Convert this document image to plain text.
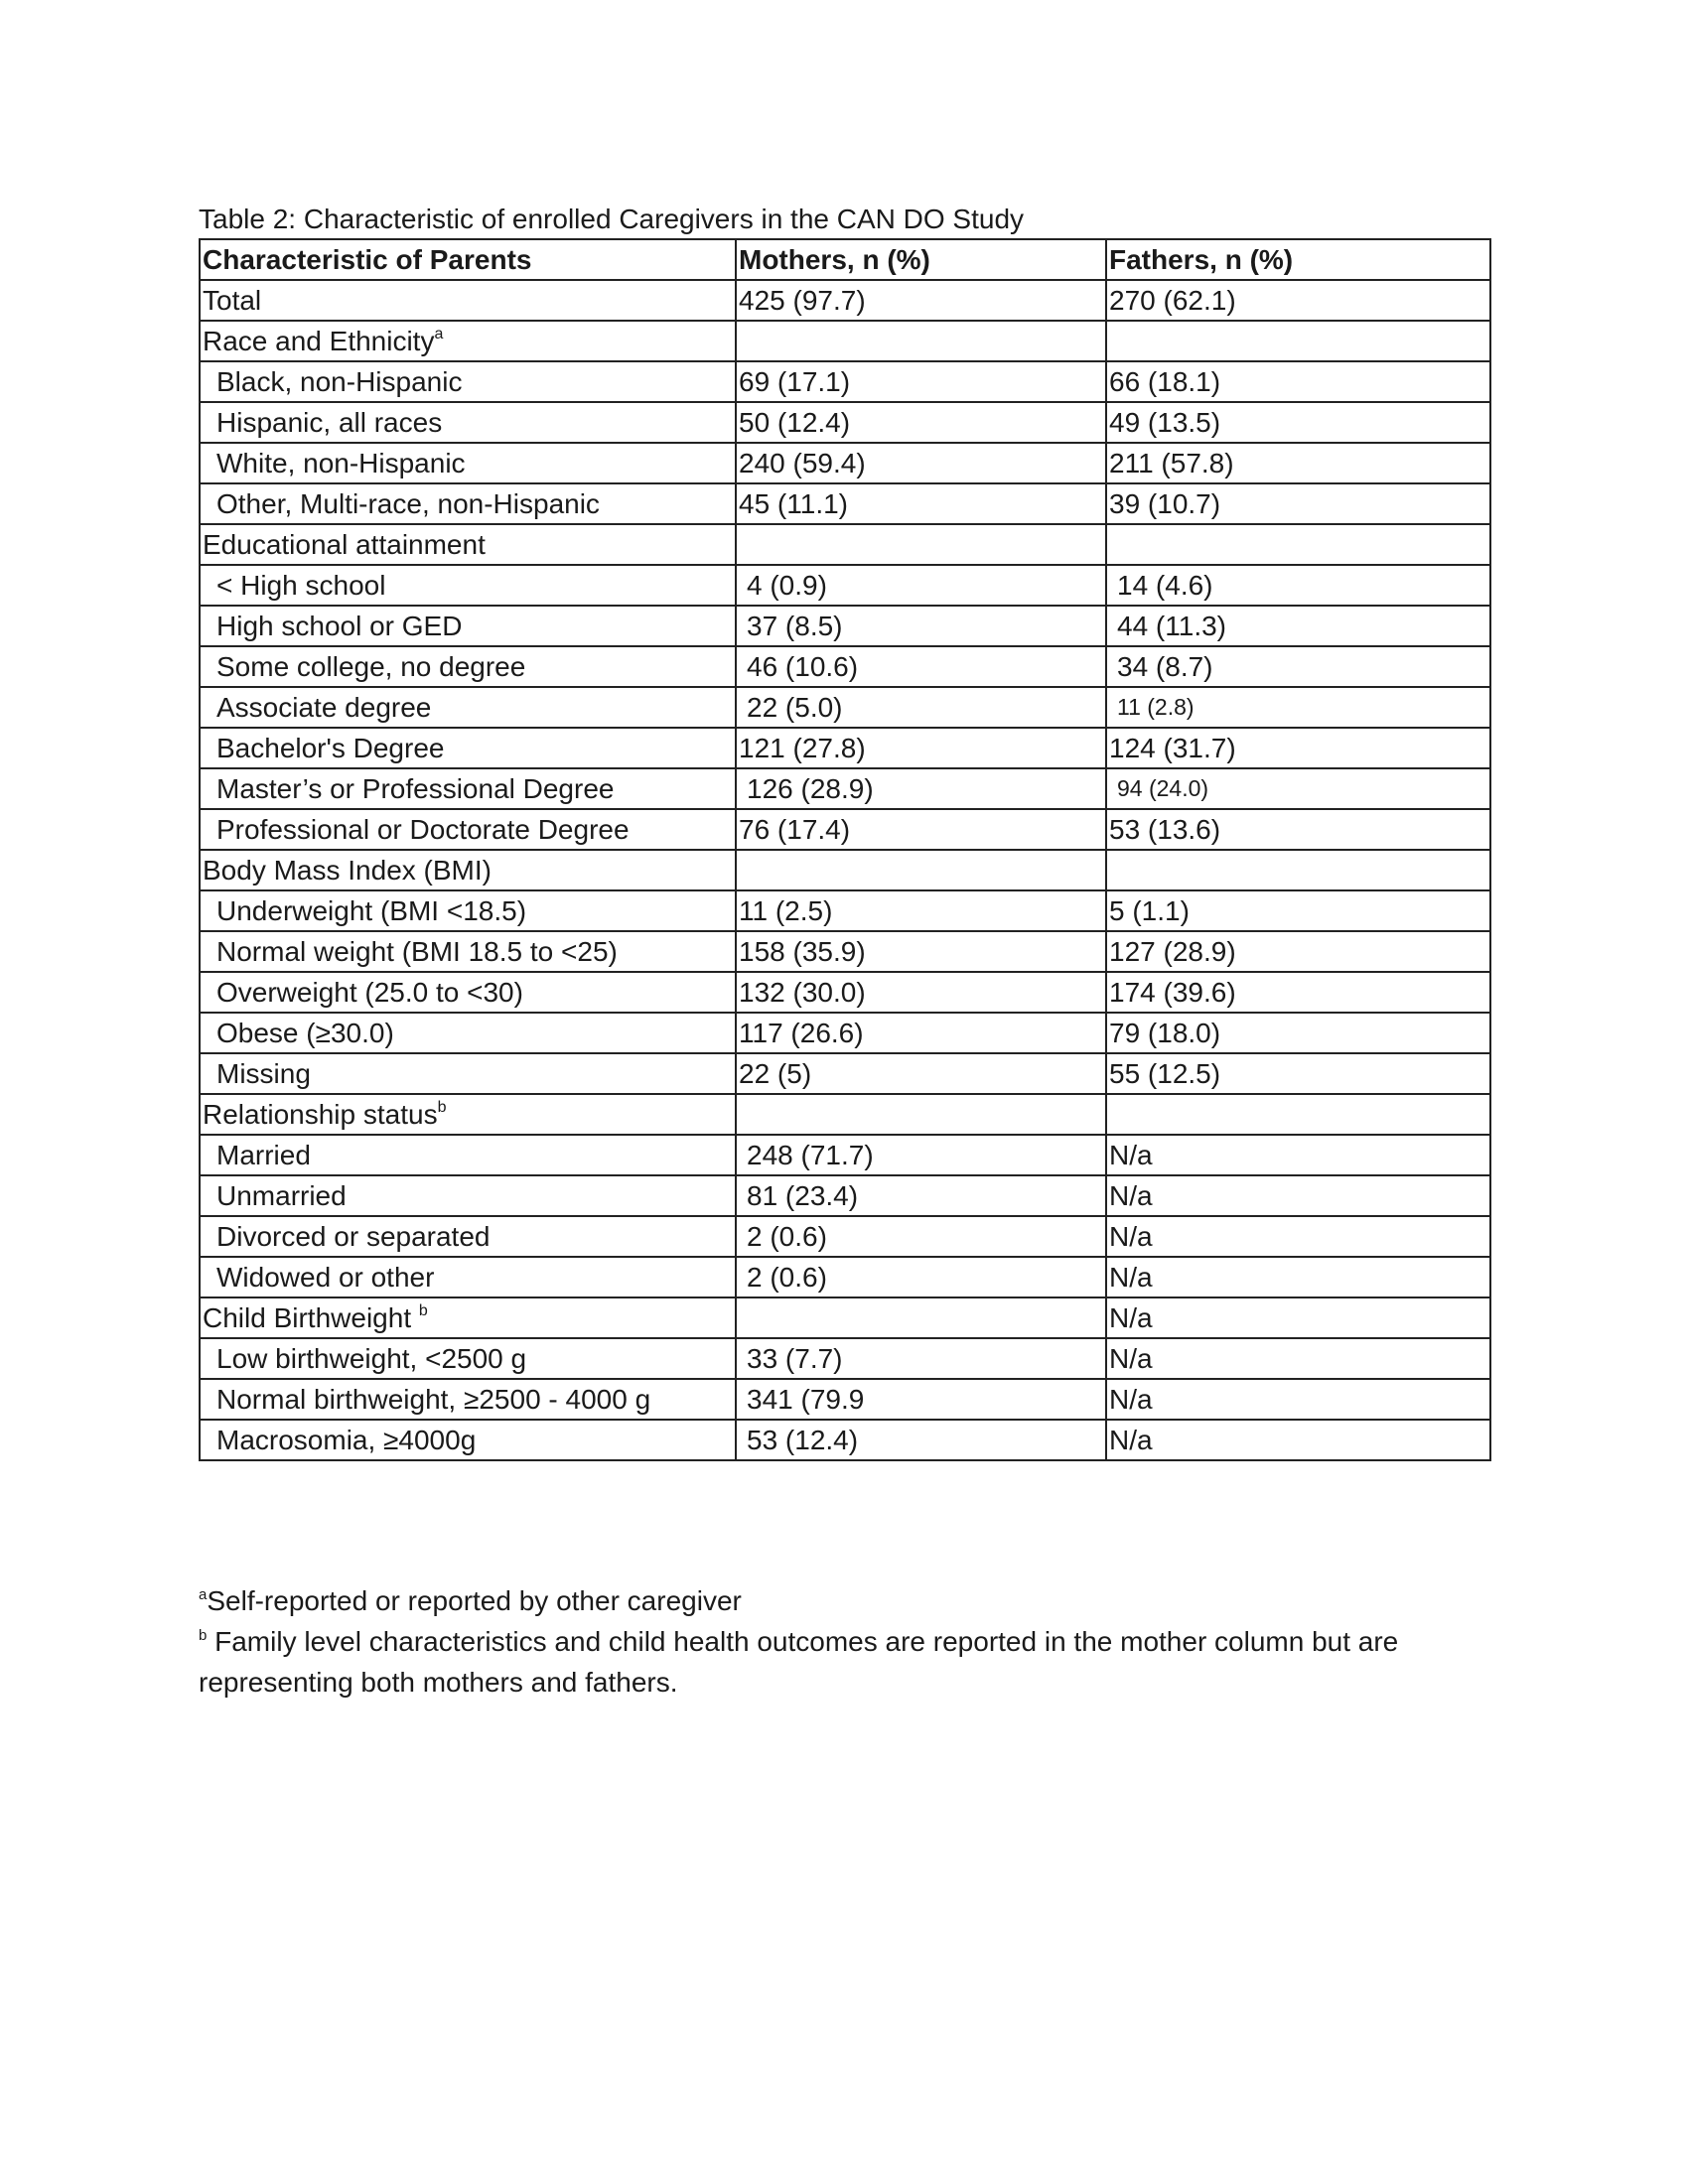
Table 2: Characteristic of enrolled Caregivers in the CAN DO Study
Characteristic of Parents	Mothers, n (%)	Fathers, n (%)
Total	425 (97.7)	270 (62.1)
Race and Ethnicity$^a$		
Black, non-Hispanic	69 (17.1)	66 (18.1)
Hispanic, all races	50 (12.4)	49 (13.5)
White, non-Hispanic	240 (59.4)	211 (57.8)
Other, Multi-race, non-Hispanic	45 (11.1)	39 (10.7)
Educational attainment		
< High school	4 (0.9)	14 (4.6)
High school or GED	37 (8.5)	44 (11.3)
Some college, no degree	46 (10.6)	34 (8.7)
Associate degree	22 (5.0)	11 (2.8)
Bachelor's Degree	121 (27.8)	124 (31.7)
Master’s or Professional Degree	126 (28.9)	94 (24.0)
Professional or Doctorate Degree	76 (17.4)	53 (13.6)
Body Mass Index (BMI)		
Underweight (BMI <18.5)	11 (2.5)	5 (1.1)
Normal weight (BMI 18.5 to <25)	158 (35.9)	127 (28.9)
Overweight (25.0 to <30)	132 (30.0)	174 (39.6)
Obese (≥30.0)	117 (26.6)	79 (18.0)
Missing	22 (5)	55 (12.5)
Relationship status$^b$		
Married	248 (71.7)	N/a
Unmarried	81 (23.4)	N/a
Divorced or separated	2 (0.6)	N/a
Widowed or other	2 (0.6)	N/a
Child Birthweight $^b$		N/a
Low birthweight, <2500 g	33 (7.7)	N/a
Normal birthweight, ≥2500 - 4000 g	341 (79.9	N/a
Macrosomia, ≥4000g	53 (12.4)	N/a
$^a$Self-reported or reported by other caregiver
$^b$ Family level characteristics and child health outcomes are reported in the mother column but are representing both mothers and fathers.
